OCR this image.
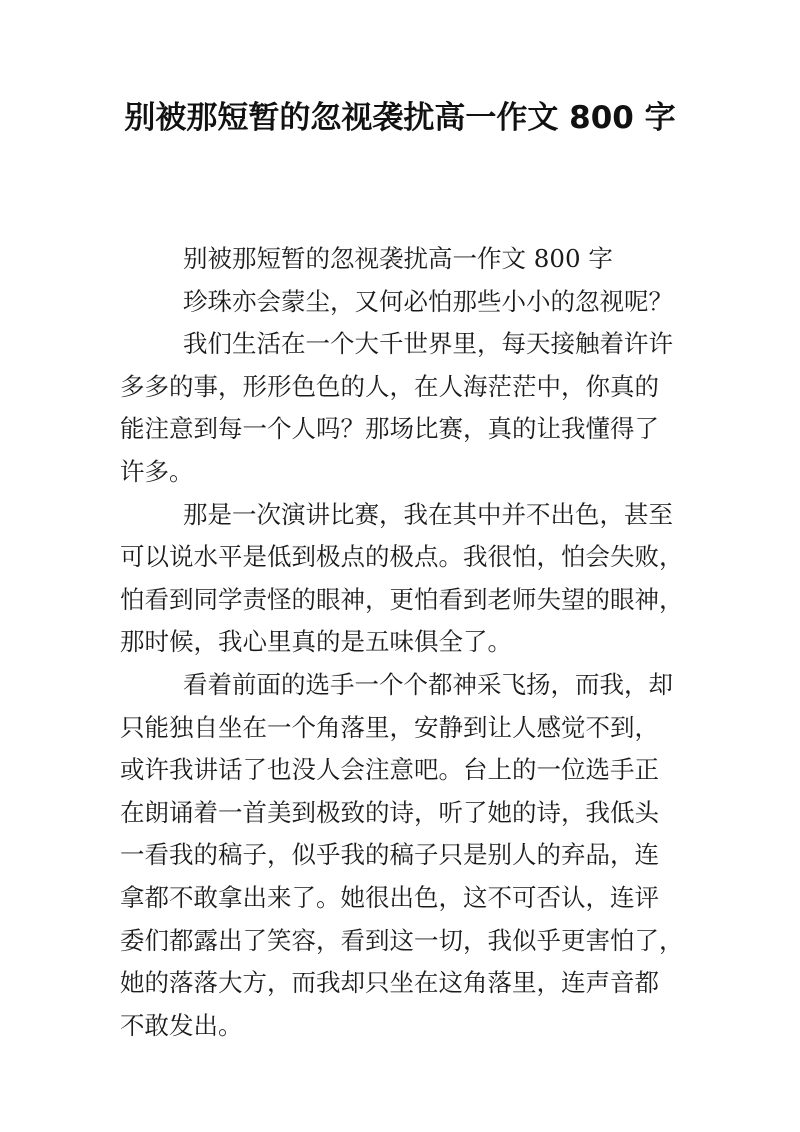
别被那短暂的忽视袭扰高一作文 800 字
别被那短暂的忽视袭扰高一作文 800 字
珍珠亦会蒙尘，又何必怕那些小小的忽视呢？
我们生活在一个大千世界里，每天接触着许许
多多的事，形形色色的人，在人海茫茫中，你真的
能注意到每一个人吗？那场比赛，真的让我懂得了
许多。
那是一次演讲比赛，我在其中并不出色，甚至
可以说水平是低到极点的极点。我很怕，怕会失败，
怕看到同学责怪的眼神，更怕看到老师失望的眼神，
那时候，我心里真的是五味俱全了。
看着前面的选手一个个都神采飞扬，而我，却
只能独自坐在一个角落里，安静到让人感觉不到，
或许我讲话了也没人会注意吧。台上的一位选手正
在朗诵着一首美到极致的诗，听了她的诗，我低头
一看我的稿子，似乎我的稿子只是别人的弃品，连
拿都不敢拿出来了。她很出色，这不可否认，连评
委们都露出了笑容，看到这一切，我似乎更害怕了，
她的落落大方，而我却只坐在这角落里，连声音都
不敢发出。
